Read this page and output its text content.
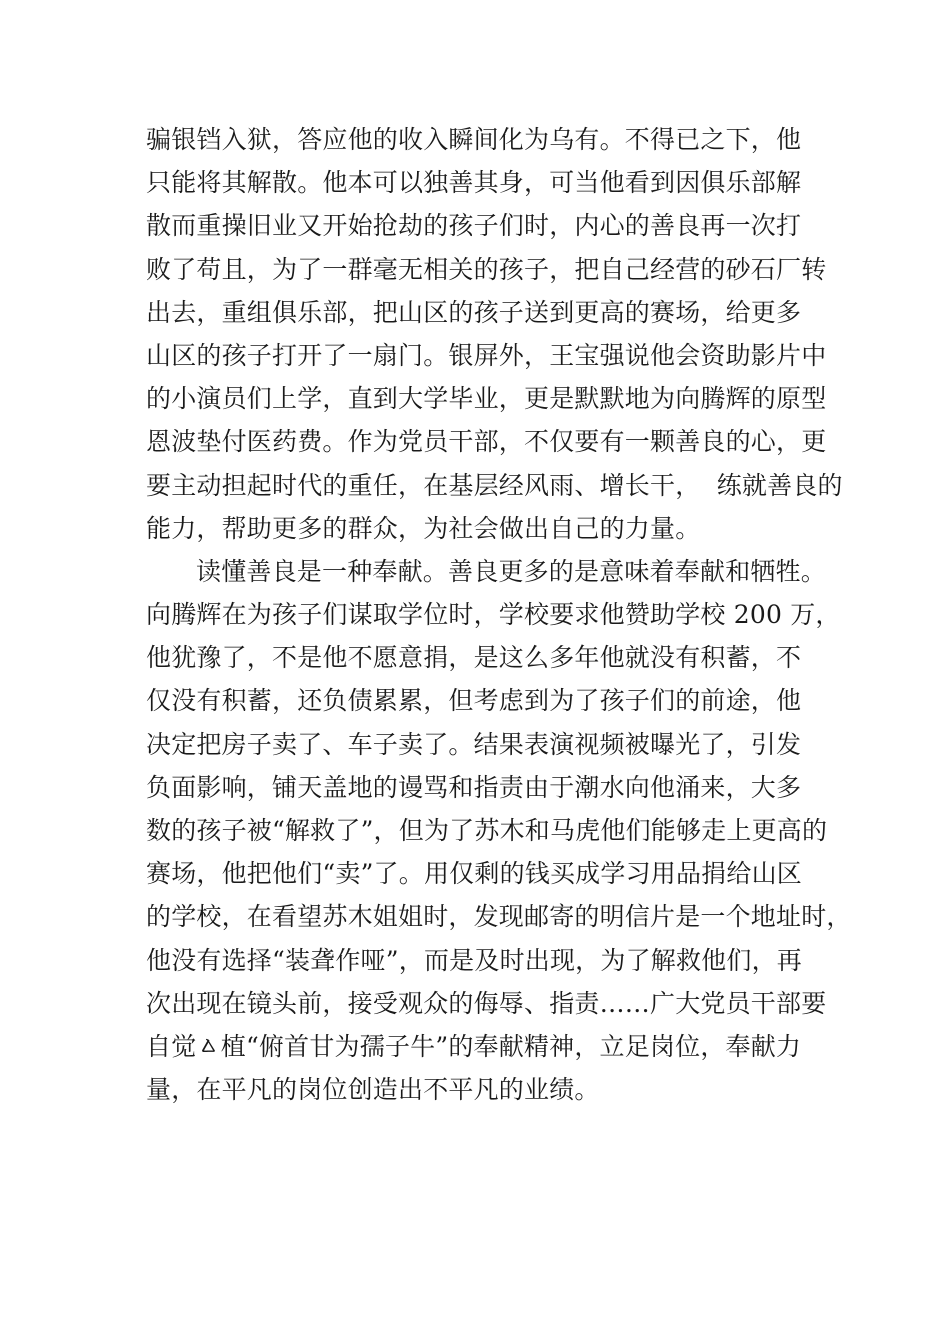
骗银铛入狱，答应他的收入瞬间化为乌有。不得已之下，他
只能将其解散。他本可以独善其身，可当他看到因俱乐部解
散而重操旧业又开始抢劫的孩子们时，内心的善良再一次打
败了苟且，为了一群毫无相关的孩子，把自己经营的砂石厂转
出去，重组俱乐部，把山区的孩子送到更高的赛场，给更多
山区的孩子打开了一扇门。银屏外，王宝强说他会资助影片中
的小演员们上学，直到大学毕业，更是默默地为向腾辉的原型
恩波垫付医药费。作为党员干部，不仅要有一颗善良的心，更
要主动担起时代的重任，在基层经风雨、增长干，  练就善良的
能力，帮助更多的群众，为社会做出自己的力量。
读懂善良是一种奉献。善良更多的是意味着奉献和牺牲。
向腾辉在为孩子们谋取学位时，学校要求他赞助学校 200 万，
他犹豫了，不是他不愿意捐，是这么多年他就没有积蓄，不
仅没有积蓄，还负债累累，但考虑到为了孩子们的前途，他
决定把房子卖了、车子卖了。结果表演视频被曝光了，引发
负面影响，铺天盖地的谩骂和指责由于潮水向他涌来，大多
数的孩子被“解救了”，但为了苏木和马虎他们能够走上更高的
赛场，他把他们“卖”了。用仅剩的钱买成学习用品捐给山区
的学校，在看望苏木姐姐时，发现邮寄的明信片是一个地址时，
他没有选择“装聋作哑”，而是及时出现，为了解救他们，再
次出现在镜头前，接受观众的侮辱、指责……广大党员干部要
自觉ㅿ植“俯首甘为孺子牛”的奉献精神，立足岗位，奉献力
量，在平凡的岗位创造出不平凡的业绩。
